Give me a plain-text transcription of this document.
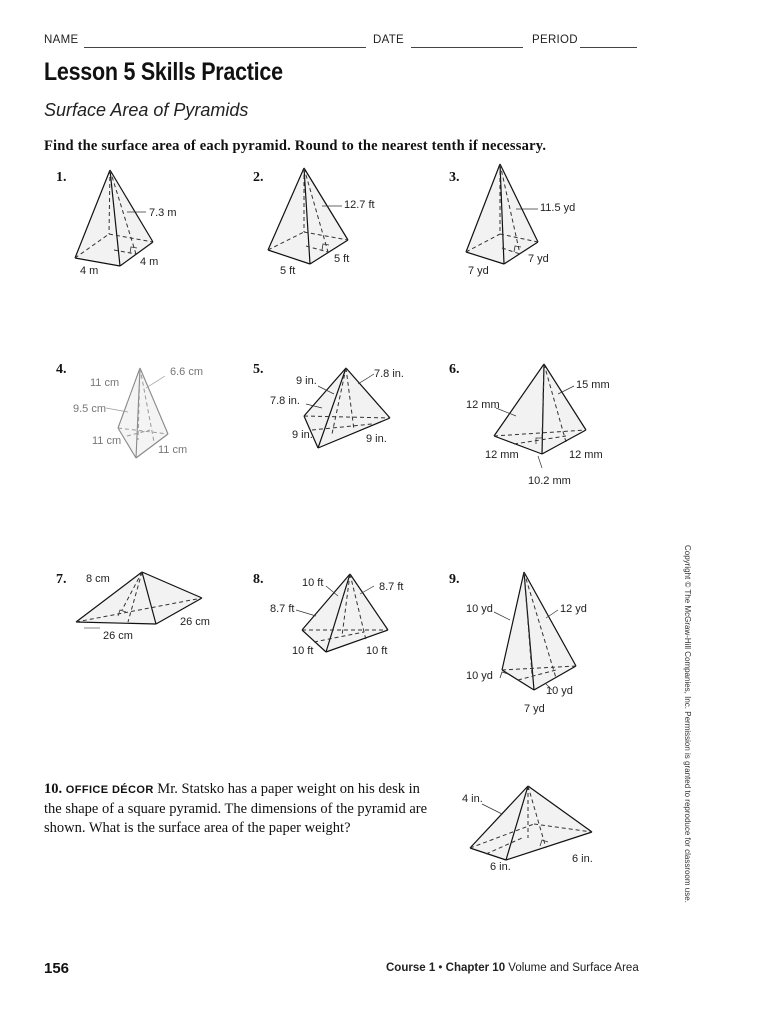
NAME	DATE	PERIOD
Lesson 5 Skills Practice
Surface Area of Pyramids
Find the surface area of each pyramid. Round to the nearest tenth if necessary.
1.	2.	3.
4.	5.	6.
7.	8.	9.
7.3 m
4 m
4 m
12.7 ft
5 ft
5 ft
11.5 yd
7 yd
7 yd
6.6 cm
11 cm
9.5 cm
11 cm
11 cm
9 in.
7.8 in.
7.8 in.
9 in.	9 in.
15 mm
12 mm
12 mm	12 mm
10.2 mm
8 cm
26 cm
26 cm
10 ft	8.7 ft
8.7 ft
10 ft	10 ft
10 yd	12 yd
10 yd
10 yd
7 yd
10. OFFICE DÉCOR Mr. Statsko has a paper weight on his desk in the shape of a square pyramid. The dimensions of the pyramid are shown. What is the surface area of the paper weight?
4 in.
6 in.
6 in.	Copyright © The McGraw-Hill Companies, Inc. Permission is granted to reproduce for classroom use.
156	Course 1 • Chapter 10 Volume and Surface Area
